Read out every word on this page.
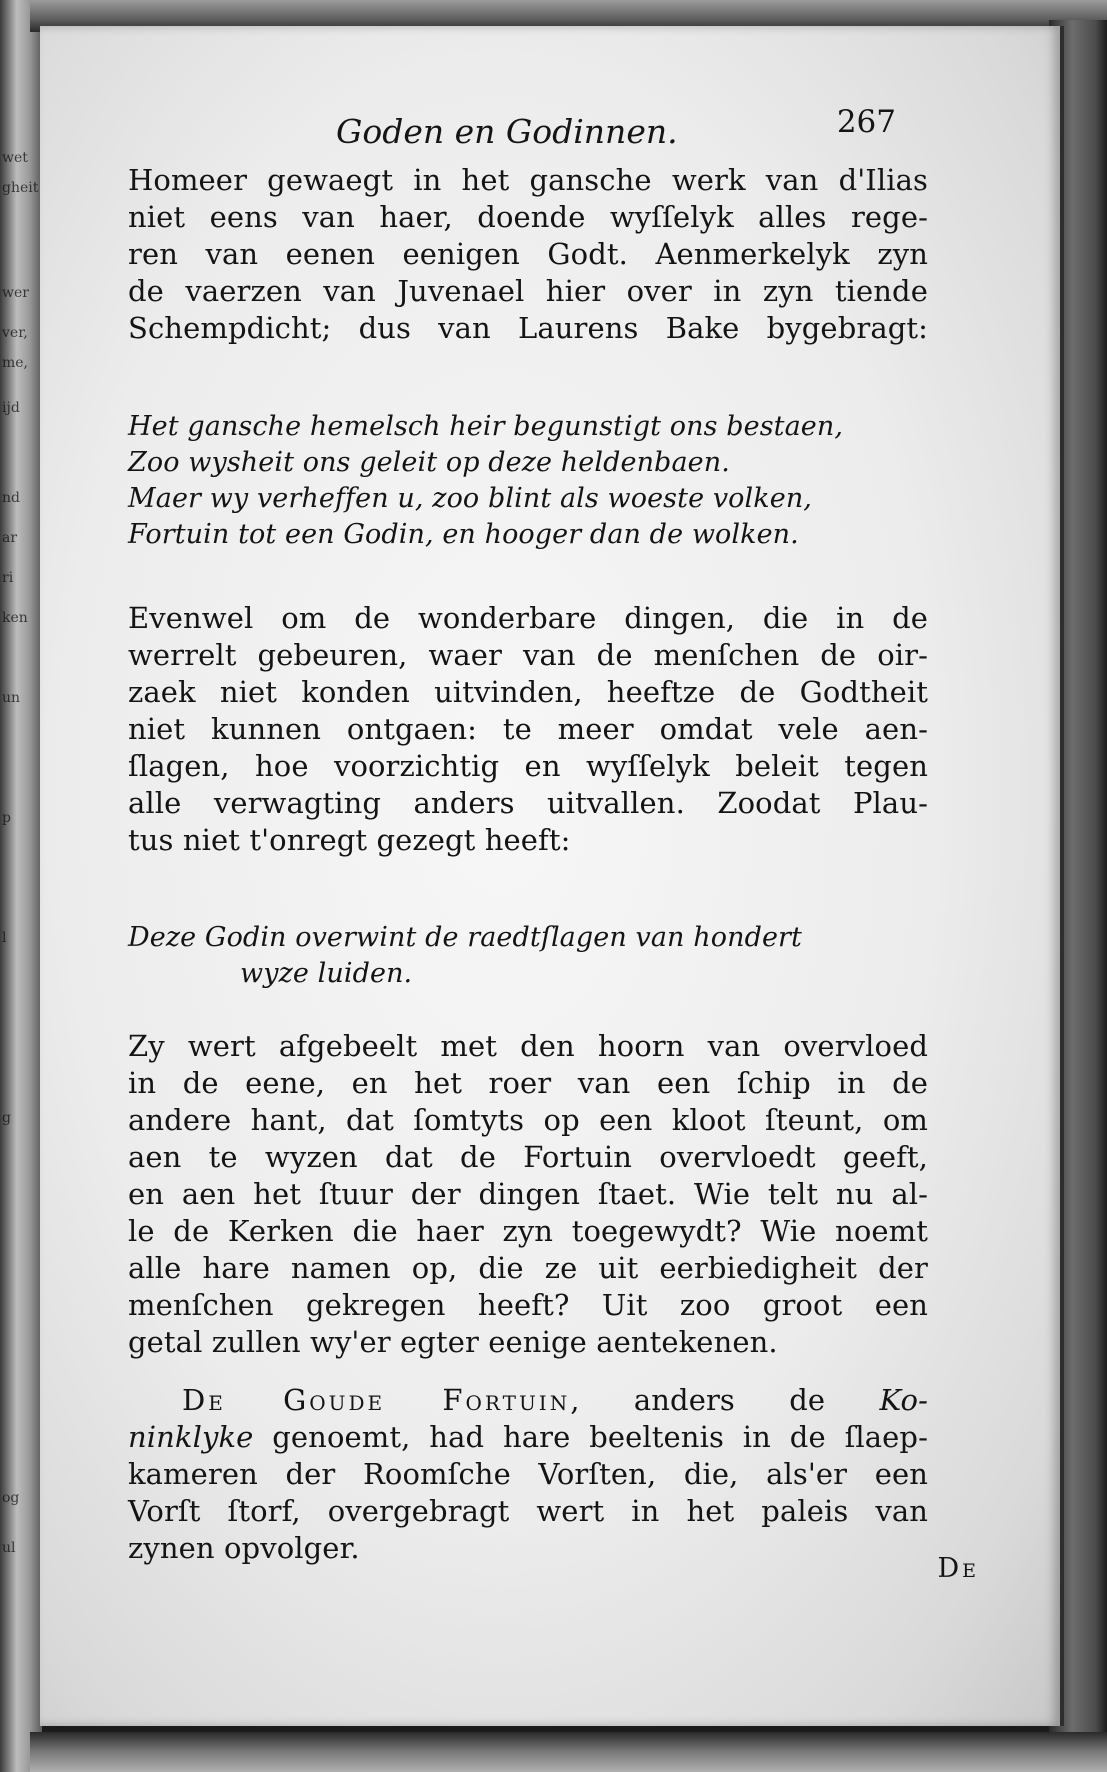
wet
gheit
wer
ver,
me,
ijd
nd
ar
ri
ken
un
p
l
g
og
ul
Goden en Godinnen.	267
Homeer gewaegt in het gansche werk van d'Ilias
niet eens van haer, doende wyſſelyk alles rege-
ren van eenen eenigen Godt. Aenmerkelyk zyn
de vaerzen van Juvenael hier over in zyn tiende
Schempdicht; dus van Laurens Bake bygebragt:
Het gansche hemelsch heir begunstigt ons bestaen,
Zoo wysheit ons geleit op deze heldenbaen.
Maer wy verheffen u, zoo blint als woeste volken,
Fortuin tot een Godin, en hooger dan de wolken.
Evenwel om de wonderbare dingen, die in de
werrelt gebeuren, waer van de menſchen de oir-
zaek niet konden uitvinden, heeftze de Godtheit
niet kunnen ontgaen: te meer omdat vele aen-
ſlagen, hoe voorzichtig en wyſſelyk beleit tegen
alle verwagting anders uitvallen. Zoodat Plau-
tus niet t'onregt gezegt heeft:
Deze Godin overwint de raedtſlagen van hondert
wyze luiden.
Zy wert afgebeelt met den hoorn van overvloed
in de eene, en het roer van een ſchip in de
andere hant, dat ſomtyts op een kloot ſteunt, om
aen te wyzen dat de Fortuin overvloedt geeft,
en aen het ſtuur der dingen ſtaet. Wie telt nu al-
le de Kerken die haer zyn toegewydt? Wie noemt
alle hare namen op, die ze uit eerbiedigheit der
menſchen gekregen heeft? Uit zoo groot een
getal zullen wy'er egter eenige aentekenen.
De Goude Fortuin, anders de Ko-
ninklyke genoemt, had hare beeltenis in de ſlaep-
kameren der Roomſche Vorſten, die, als'er een
Vorſt ſtorf, overgebragt wert in het paleis van
zynen opvolger.
De
